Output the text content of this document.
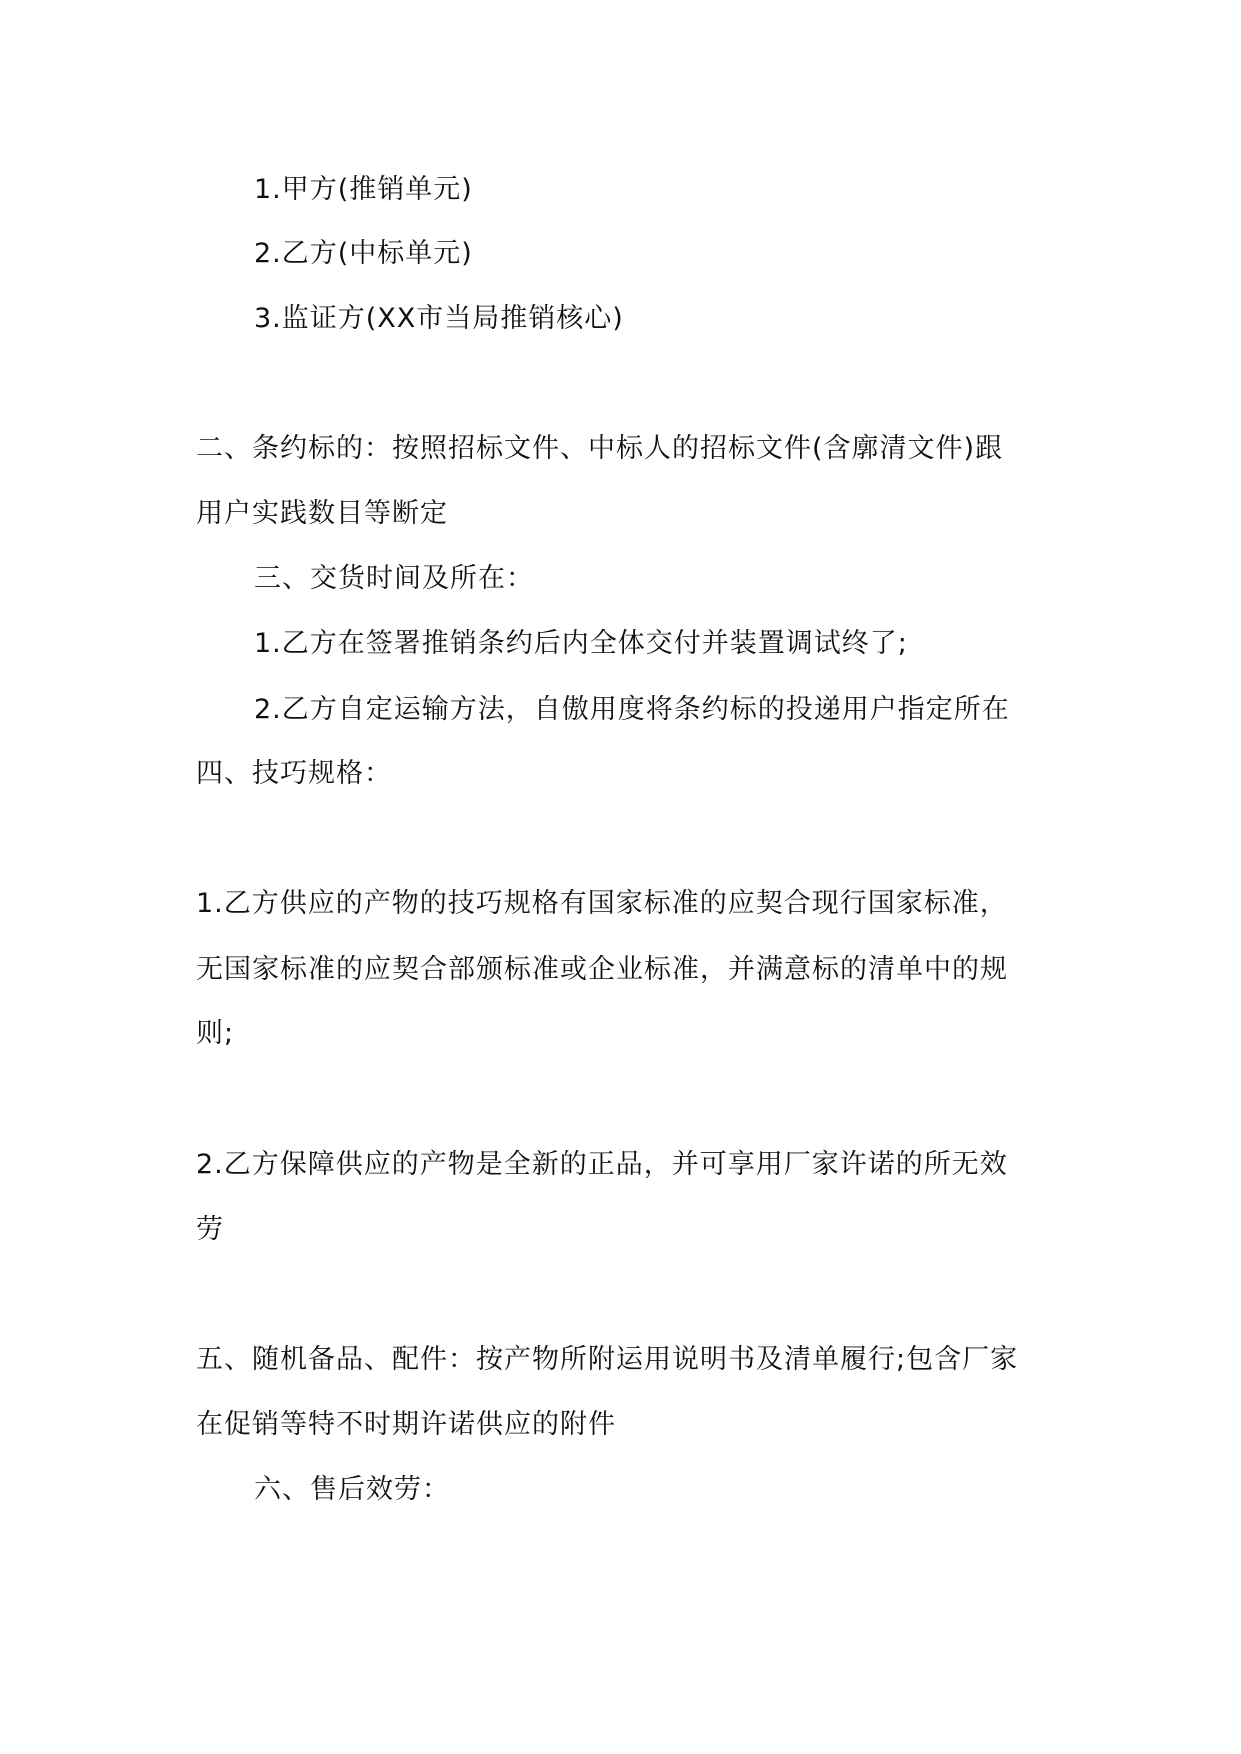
1.甲方(推销单元)
2.乙方(中标单元)
3.监证方(XX市当局推销核心)
二、条约标的：按照招标文件、中标人的招标文件(含廓清文件)跟
用户实践数目等断定
三、交货时间及所在：
1.乙方在签署推销条约后内全体交付并装置调试终了;
2.乙方自定运输方法，自傲用度将条约标的投递用户指定所在
四、技巧规格：
1.乙方供应的产物的技巧规格有国家标准的应契合现行国家标准，
无国家标准的应契合部颁标准或企业标准，并满意标的清单中的规
则;
2.乙方保障供应的产物是全新的正品，并可享用厂家许诺的所无效
劳
五、随机备品、配件：按产物所附运用说明书及清单履行;包含厂家
在促销等特不时期许诺供应的附件
六、售后效劳：
